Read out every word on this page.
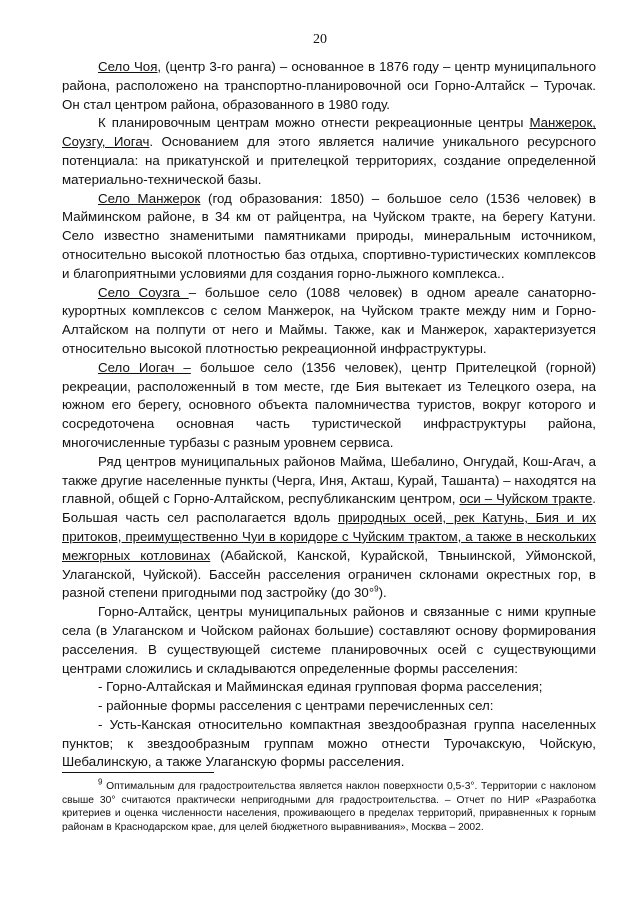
20

Село Чоя, (центр 3-го ранга) – основанное в 1876 году – центр муниципального района, расположено на транспортно-планировочной оси Горно-Алтайск – Турочак. Он стал центром района, образованного в 1980 году.

К планировочным центрам можно отнести рекреационные центры Манжерок, Соузгу, Иогач. Основанием для этого является наличие уникального ресурсного потенциала: на прикатунской и прителецкой территориях, создание определенной материально-технической базы.

Село Манжерок (год образования: 1850) – большое село (1536 человек) в Майминском районе, в 34 км от райцентра, на Чуйском тракте, на берегу Катуни. Село известно знаменитыми памятниками природы, минеральным источником, относительно высокой плотностью баз отдыха, спортивно-туристических комплексов и благоприятными условиями для создания горно-лыжного комплекса..

Село Соузга – большое село (1088 человек) в одном ареале санаторно-курортных комплексов с селом Манжерок, на Чуйском тракте между ним и Горно-Алтайском на полпути от него и Маймы. Также, как и Манжерок, характеризуется относительно высокой плотностью рекреационной инфраструктуры.

Село Иогач – большое село (1356 человек), центр Прителецкой (горной) рекреации, расположенный в том месте, где Бия вытекает из Телецкого озера, на южном его берегу, основного объекта паломничества туристов, вокруг которого и сосредоточена основная часть туристической инфраструктуры района, многочисленные турбазы с разным уровнем сервиса.

Ряд центров муниципальных районов Майма, Шебалино, Онгудай, Кош-Агач, а также другие населенные пункты (Черга, Иня, Акташ, Курай, Ташанта) – находятся на главной, общей с Горно-Алтайском, республиканским центром, оси – Чуйском тракте. Большая часть сел располагается вдоль природных осей, рек Катунь, Бия и их притоков, преимущественно Чуи в коридоре с Чуйским трактом, а также в нескольких межгорных котловинах (Абайской, Канской, Курайской, Твныинской, Уймонской, Улаганской, Чуйской). Бассейн расселения ограничен склонами окрестных гор, в разной степени пригодными под застройку (до 30°$^9$).

Горно-Алтайск, центры муниципальных районов и связанные с ними крупные села (в Улаганском и Чойском районах большие) составляют основу формирования расселения. В существующей системе планировочных осей с существующими центрами сложились и складываются определенные формы расселения:

- Горно-Алтайская и Майминская единая групповая форма расселения;

- районные формы расселения с центрами перечисленных сел:

- Усть-Канская относительно компактная звездообразная группа населенных пунктов; к звездообразным группам можно отнести Турочакскую, Чойскую, Шебалинскую, а также Улаганскую формы расселения.

$^9$ Оптимальным для градостроительства является наклон поверхности 0,5-3°. Территории с наклоном свыше 30° считаются практически непригодными для градостроительства. – Отчет по НИР «Разработка критериев и оценка численности населения, проживающего в пределах территорий, приравненных к горным районам в Краснодарском крае, для целей бюджетного выравнивания», Москва – 2002.
